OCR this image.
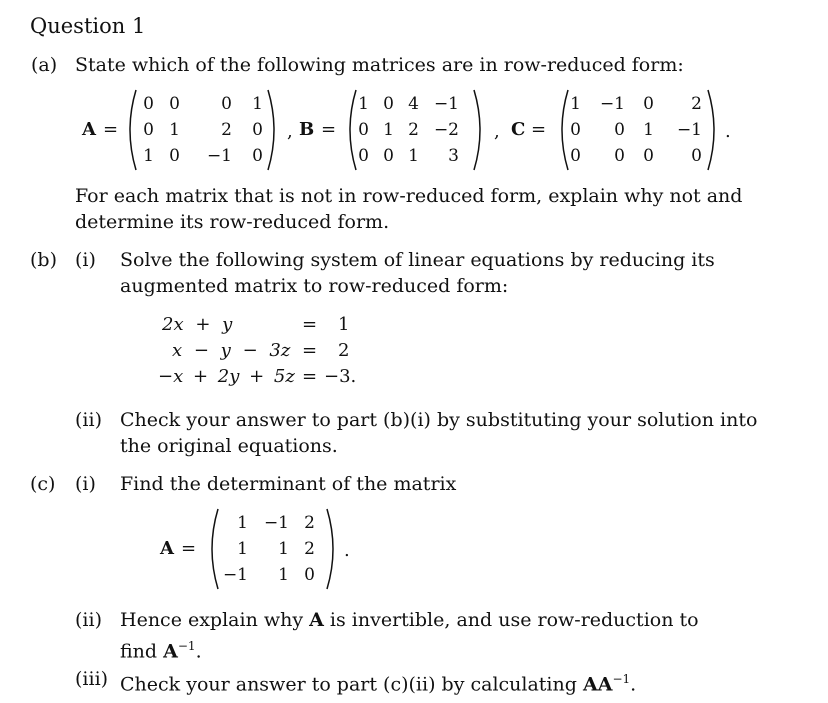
Question 1
(a) State which of the following matrices are in row-reduced form:
A =
0 0	0	1
0 1	2	0
1 0 −1	0
, B =
1 0 4 −1
0 1 2 −2
0 0 1	3
, C =
1 −1	0	2
0	0	1 −1
0	0	0	0
.
For each matrix that is not in row-reduced form, explain why not and
determine its row-reduced form.
(b) (i) Solve the following system of linear equations by reducing its
augmented matrix to row-reduced form:
2x + y	= 1
x − y − 3z = 2
−x + 2y + 5z = −3.
(ii) Check your answer to part (b)(i) by substituting your solution into
the original equations.
(c) (i) Find the determinant of the matrix
A =
1 −1 2
1	1 2
−1	1 0
.
(ii) Hence explain why A is invertible, and use row-reduction to
find $A^{-1}$.
(iii) Check your answer to part (c)(ii) by calculating $AA^{-1}$.
